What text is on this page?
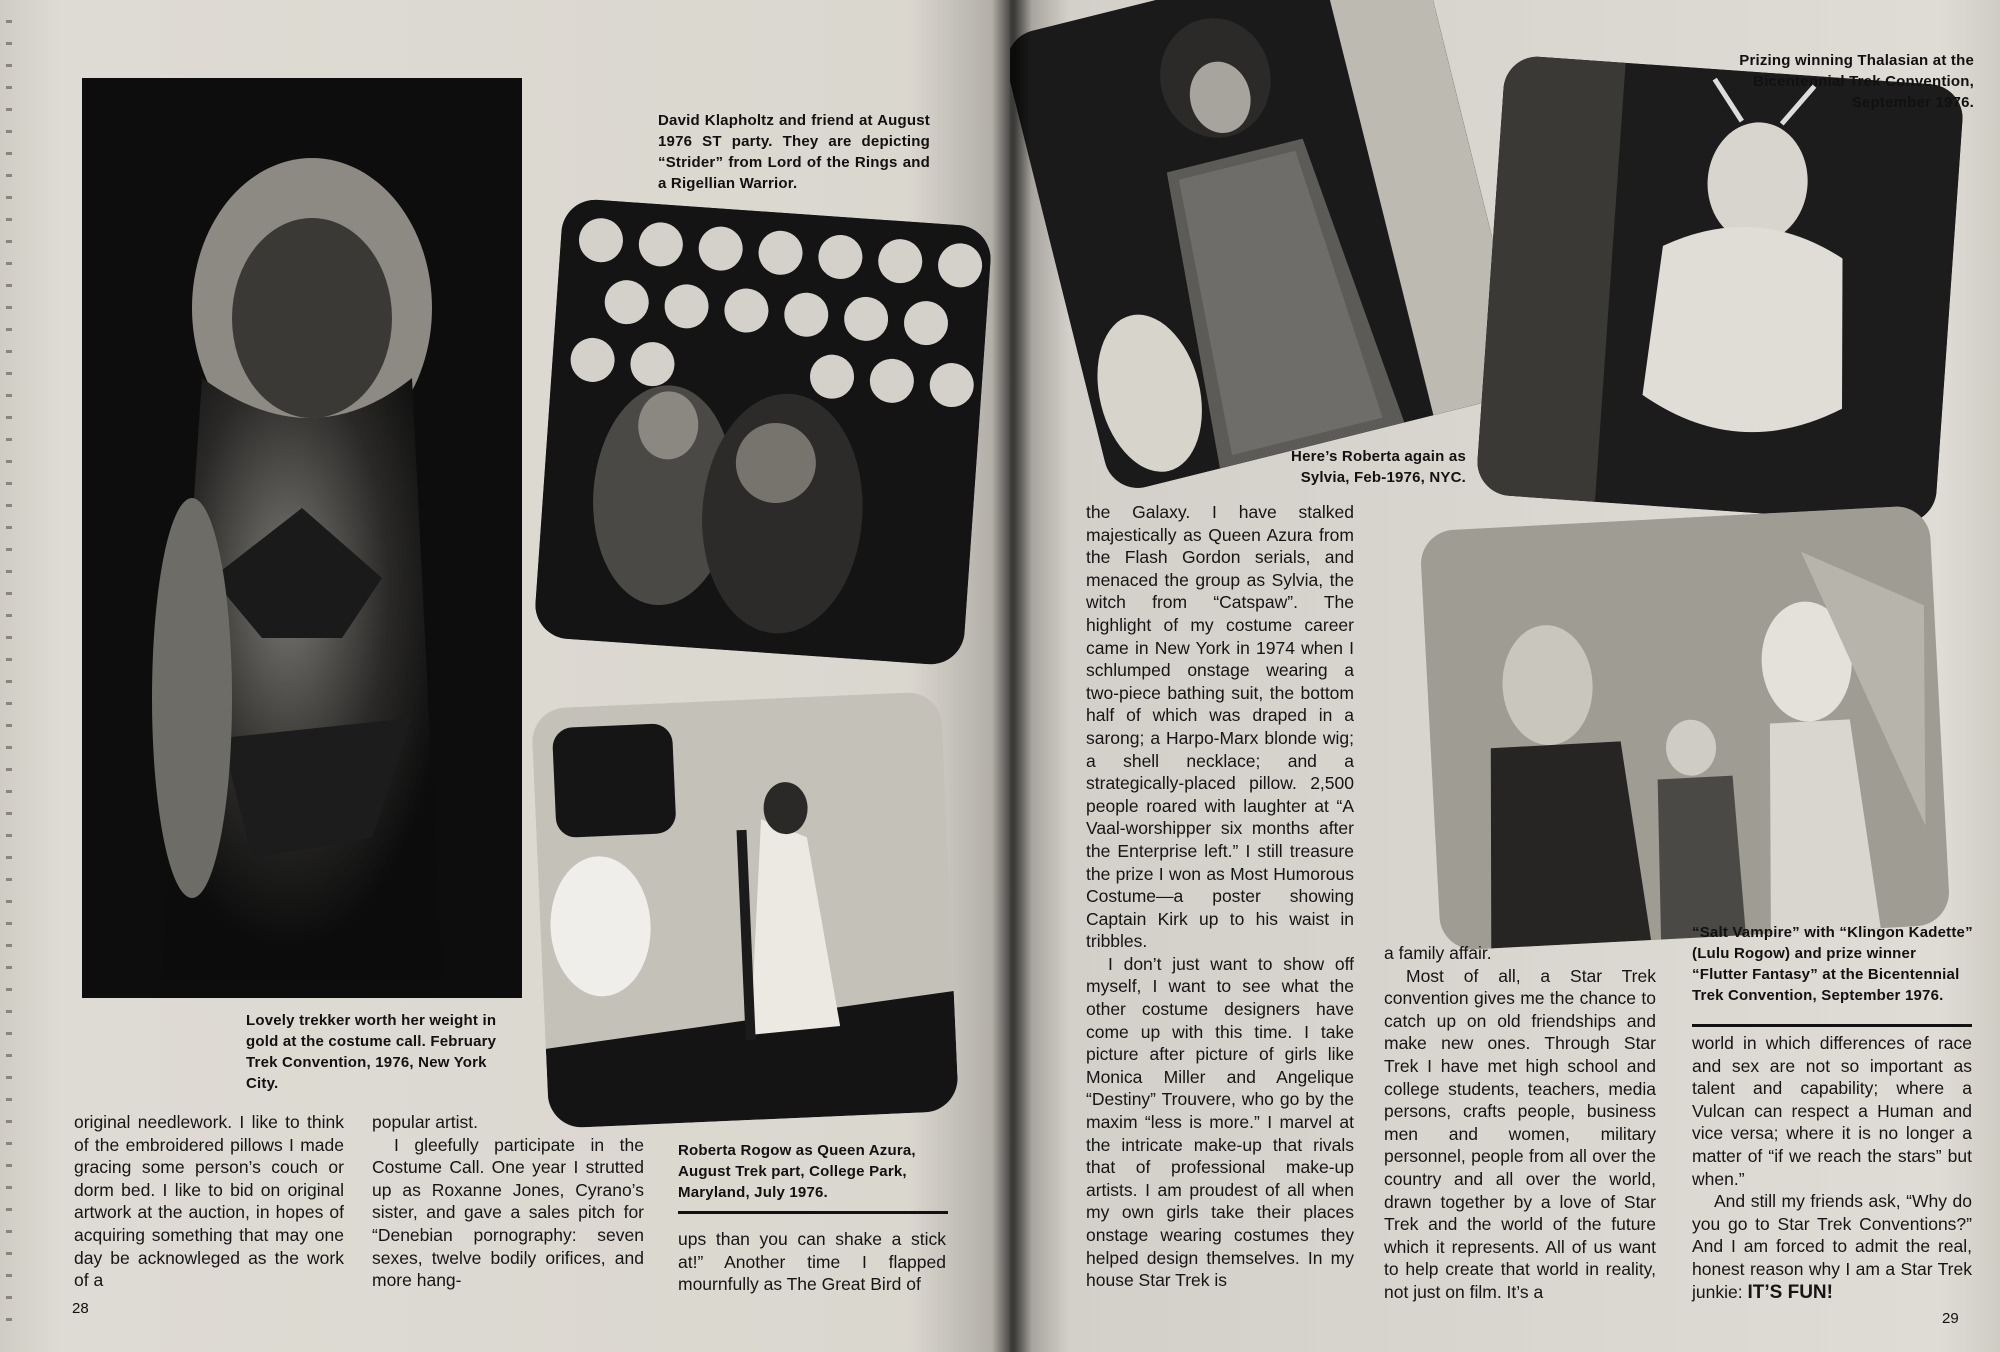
Lovely trekker worth her weight in gold at the costume call. February Trek Convention, 1976, New York City.
David Klapholtz and friend at August 1976 ST party. They are depicting “Strider” from Lord of the Rings and a Rigellian Warrior.
Roberta Rogow as Queen Azura, August Trek part, College Park, Maryland, July 1976.

original needlework. I like to think of the embroidered pillows I made gracing some person’s couch or dorm bed. I like to bid on original artwork at the auction, in hopes of acquiring something that may one day be acknowleged as the work of a

popular artist.

I gleefully participate in the Costume Call. One year I strutted up as Roxanne Jones, Cyrano’s sister, and gave a sales pitch for “Denebian pornography: seven sexes, twelve bodily orifices, and more hang-

ups than you can shake a stick at!” Another time I flapped mournfully as The Great Bird of

28
Here’s Roberta again as Sylvia, Feb-1976, NYC.
Prizing winning Thalasian at the Bicentennial Trek Convention, September 1976.
“Salt Vampire” with “Klingon Kadette” (Lulu Rogow) and prize winner “Flutter Fantasy” at the Bicentennial Trek Convention, September 1976.

the Galaxy. I have stalked majestically as Queen Azura from the Flash Gordon serials, and menaced the group as Sylvia, the witch from “Catspaw”. The highlight of my costume career came in New York in 1974 when I schlumped onstage wearing a two-piece bathing suit, the bottom half of which was draped in a sarong; a Harpo-Marx blonde wig; a shell necklace; and a strategically-placed pillow. 2,500 people roared with laughter at “A Vaal-worshipper six months after the Enterprise left.” I still treasure the prize I won as Most Humorous Costume—a poster showing Captain Kirk up to his waist in tribbles.

I don’t just want to show off myself, I want to see what the other costume designers have come up with this time. I take picture after picture of girls like Monica Miller and Angelique “Destiny” Trouvere, who go by the maxim “less is more.” I marvel at the intricate make-up that rivals that of professional make-up artists. I am proudest of all when my own girls take their places onstage wearing costumes they helped design themselves. In my house Star Trek is

a family affair.

Most of all, a Star Trek convention gives me the chance to catch up on old friendships and make new ones. Through Star Trek I have met high school and college students, teachers, media persons, crafts people, business men and women, military personnel, people from all over the country and all over the world, drawn together by a love of Star Trek and the world of the future which it represents. All of us want to help create that world in reality, not just on film. It’s a

world in which differences of race and sex are not so important as talent and capability; where a Vulcan can respect a Human and vice versa; where it is no longer a matter of “if we reach the stars” but when.”

And still my friends ask, “Why do you go to Star Trek Conventions?” And I am forced to admit the real, honest reason why I am a Star Trek junkie: IT’S FUN!

29
